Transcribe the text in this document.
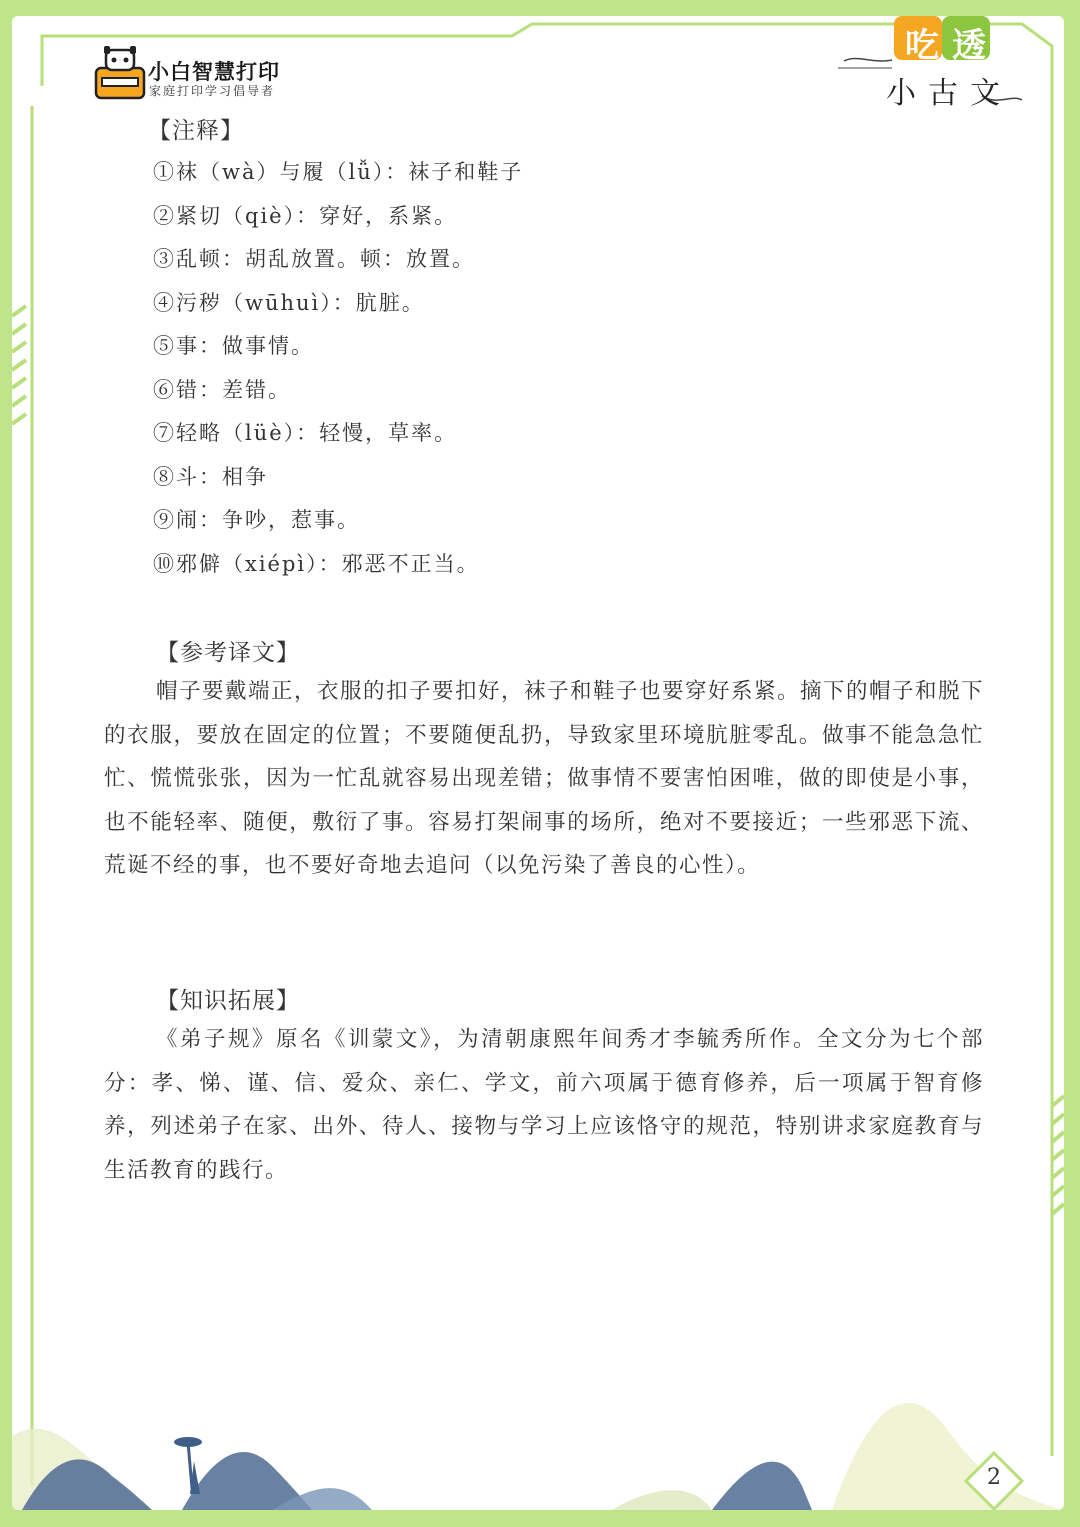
小白智慧打印
家庭打印学习倡导者
吃 透
小古文
【注释】
①袜（wà）与履（lǚ）：袜子和鞋子
②紧切（qiè）：穿好，系紧。
③乱顿：胡乱放置。顿：放置。
④污秽（wūhuì）：肮脏。
⑤事：做事情。
⑥错：差错。
⑦轻略（lüè）：轻慢，草率。
⑧斗：相争
⑨闹：争吵，惹事。
⑩邪僻（xiépì）：邪恶不正当。
【参考译文】

帽子要戴端正，衣服的扣子要扣好，袜子和鞋子也要穿好系紧。摘下的帽子和脱下的衣服，要放在固定的位置；不要随便乱扔，导致家里环境肮脏零乱。做事不能急急忙忙、慌慌张张，因为一忙乱就容易出现差错；做事情不要害怕困唯，做的即使是小事，也不能轻率、随便，敷衍了事。容易打架闹事的场所，绝对不要接近；一些邪恶下流、荒诞不经的事，也不要好奇地去追问（以免污染了善良的心性）。

【知识拓展】

《弟子规》原名《训蒙文》，为清朝康熙年间秀才李毓秀所作。全文分为七个部分：孝、悌、谨、信、爱众、亲仁、学文，前六项属于德育修养，后一项属于智育修养，列述弟子在家、出外、待人、接物与学习上应该恪守的规范，特别讲求家庭教育与生活教育的践行。

2
